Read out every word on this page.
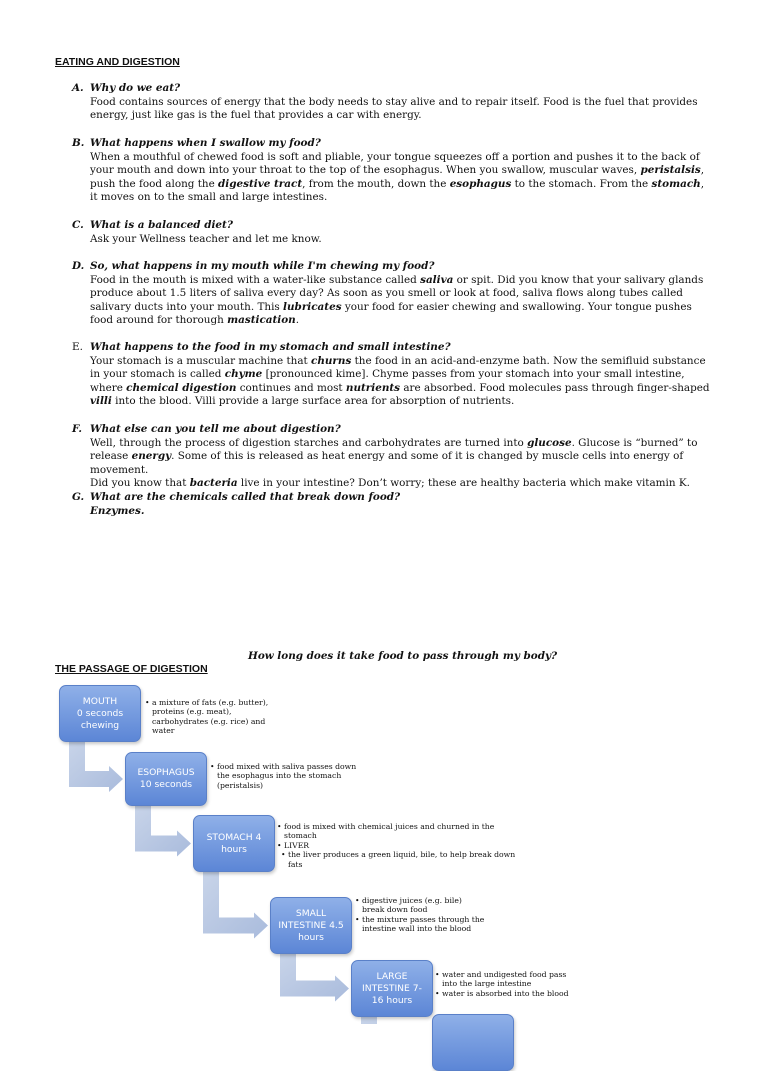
EATING AND DIGESTION
A. Why do we eat?
Food contains sources of energy that the body needs to stay alive and to repair itself. Food is the fuel that provides energy, just like gas is the fuel that provides a car with energy.
B. What happens when I swallow my food?
When a mouthful of chewed food is soft and pliable, your tongue squeezes off a portion and pushes it to the back of your mouth and down into your throat to the top of the esophagus. When you swallow, muscular waves, peristalsis, push the food along the digestive tract, from the mouth, down the esophagus to the stomach. From the stomach, it moves on to the small and large intestines.
C. What is a balanced diet?
Ask your Wellness teacher and let me know.
D. So, what happens in my mouth while I'm chewing my food?
Food in the mouth is mixed with a water-like substance called saliva or spit. Did you know that your salivary glands produce about 1.5 liters of saliva every day? As soon as you smell or look at food, saliva flows along tubes called salivary ducts into your mouth. This lubricates your food for easier chewing and swallowing. Your tongue pushes food around for thorough mastication.
E. What happens to the food in my stomach and small intestine?
Your stomach is a muscular machine that churns the food in an acid-and-enzyme bath. Now the semifluid substance in your stomach is called chyme [pronounced kime]. Chyme passes from your stomach into your small intestine, where chemical digestion continues and most nutrients are absorbed. Food molecules pass through finger-shaped villi into the blood. Villi provide a large surface area for absorption of nutrients.
F. What else can you tell me about digestion?
Well, through the process of digestion starches and carbohydrates are turned into glucose. Glucose is “burned” to release energy. Some of this is released as heat energy and some of it is changed by muscle cells into energy of movement.
Did you know that bacteria live in your intestine? Don’t worry; these are healthy bacteria which make vitamin K.
G. What are the chemicals called that break down food?
Enzymes.
How long does it take food to pass through my body?
THE PASSAGE OF DIGESTION
MOUTH
0 seconds
chewing
• a mixture of fats (e.g. butter), proteins (e.g. meat), carbohydrates (e.g. rice) and water
ESOPHAGUS
10 seconds
• food mixed with saliva passes down the esophagus into the stomach (peristalsis)
STOMACH 4
hours
• food is mixed with chemical juices and churned in the stomach
• LIVER
• the liver produces a green liquid, bile, to help break down fats
SMALL
INTESTINE 4.5
hours
• digestive juices (e.g. bile) break down food
• the mixture passes through the intestine wall into the blood
LARGE
INTESTINE 7-
16 hours
• water and undigested food pass into the large intestine
• water is absorbed into the blood
